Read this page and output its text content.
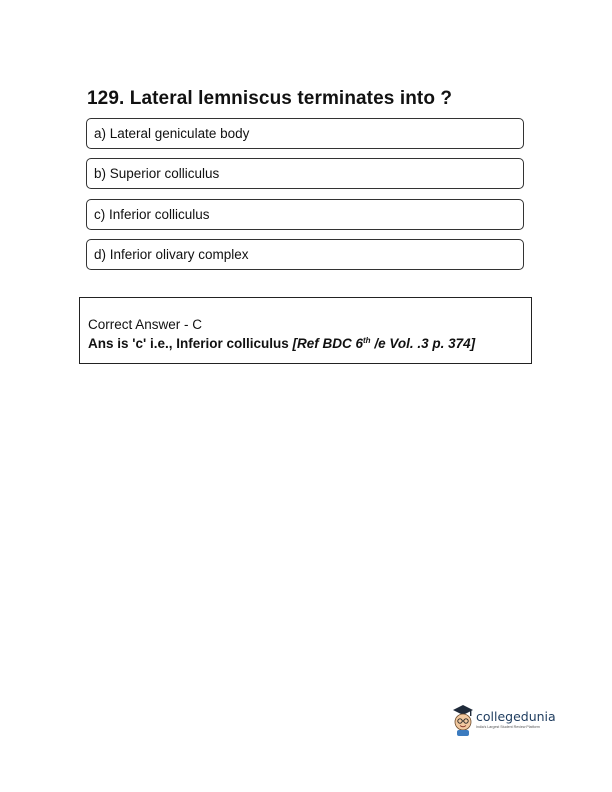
129. Lateral lemniscus terminates into ?
a) Lateral geniculate body
b) Superior colliculus
c) Inferior colliculus
d) Inferior olivary complex
Correct Answer - C
Ans is 'c' i.e., Inferior colliculus [Ref BDC 6th /e Vol. .3 p. 374]
collegedunia
India's Largest Student Review Platform
